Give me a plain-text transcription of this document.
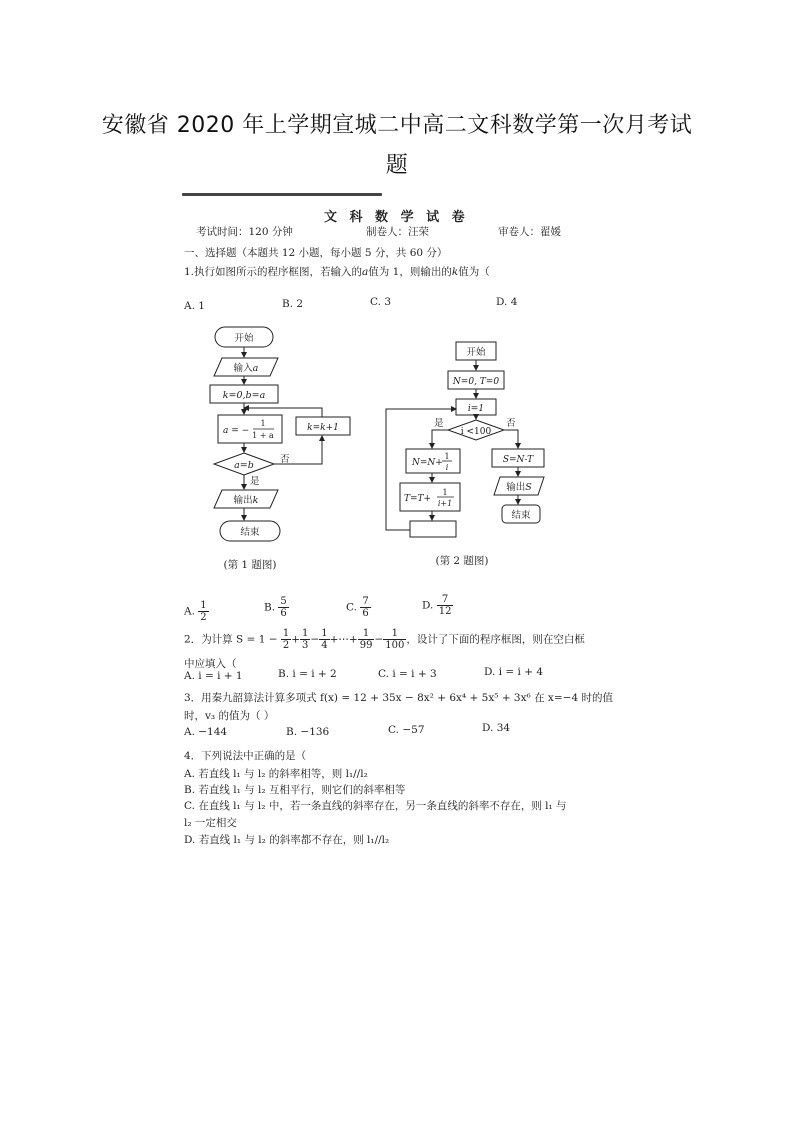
安徽省 2020 年上学期宣城二中高二文科数学第一次月考试
题
文 科 数 学 试 卷
考试时间：120 分钟	制卷人：汪荣	审卷人：翟媛
一、选择题（本题共 12 小题，每小题 5 分，共 60 分）
1.执行如图所示的程序框图，若输入的a值为 1，则输出的k值为（
A. 1	B. 2	C. 3	D. 4
开始
输入a
k=0,b=a
a = −
1
1 + a
k=k+1
a=b
否
是
输出k
结束
(第 1 题图)
开始
N=0, T=0
i=1
i <100
是	否
N=N+
1
i
T=T+
1
i+1
S=N-T
输出S
结束
(第 2 题图)
A. $\frac{1}{2}$	B. $\frac{5}{6}$	C. $\frac{7}{6}$	D. $\frac{7}{12}$
2．为计算 $S = 1 - \frac{1}{2} + \frac{1}{3} - \frac{1}{4}$ +⋯+ $\frac{1}{99} - \frac{1}{100}$ ，设计了下面的程序框图，则在空白框
中应填入（
A. i = i + 1	B. i = i + 2	C. i = i + 3	D. i = i + 4
3．用秦九韶算法计算多项式 f(x) = 12 + 35x − 8x² + 6x⁴ + 5x⁵ + 3x⁶ 在 x=−4 时的值
时，v₃ 的值为（ ）
A. −144	B. −136	C. −57	D. 34
4．下列说法中正确的是（
A. 若直线 l₁ 与 l₂ 的斜率相等，则 l₁//l₂
B. 若直线 l₁ 与 l₂ 互相平行，则它们的斜率相等
C. 在直线 l₁ 与 l₂ 中，若一条直线的斜率存在，另一条直线的斜率不存在，则 l₁ 与
l₂ 一定相交
D. 若直线 l₁ 与 l₂ 的斜率都不存在，则 l₁//l₂
